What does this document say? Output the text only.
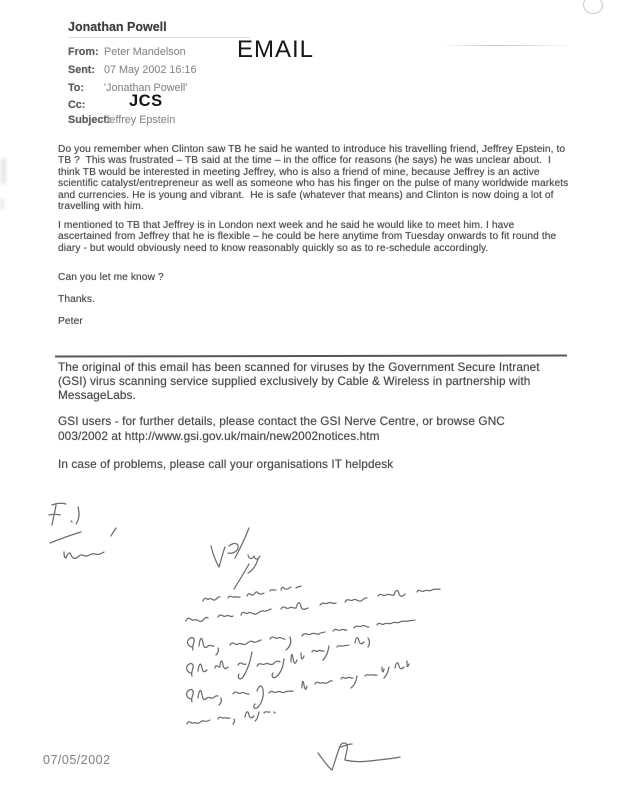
Jonathan Powell
From: Peter Mandelson
Sent: 07 May 2002 16:16
To: 'Jonathan Powell'
Cc:
Subject:Jeffrey Epstein
EMAIL
JCS
Do you remember when Clinton saw TB he said he wanted to introduce his travelling friend, Jeffrey Epstein, to
TB ?  This was frustrated – TB said at the time – in the office for reasons (he says) he was unclear about.  I
think TB would be interested in meeting Jeffrey, who is also a friend of mine, because Jeffrey is an active
scientific catalyst/entrepreneur as well as someone who has his finger on the pulse of many worldwide markets
and currencies. He is young and vibrant.  He is safe (whatever that means) and Clinton is now doing a lot of
travelling with him.
I mentioned to TB that Jeffrey is in London next week and he said he would like to meet him. I have
ascertained from Jeffrey that he is flexible – he could be here anytime from Tuesday onwards to fit round the
diary - but would obviously need to know reasonably quickly so as to re-schedule accordingly.
Can you let me know ?
Thanks.
Peter
The original of this email has been scanned for viruses by the Government Secure Intranet
(GSI) virus scanning service supplied exclusively by Cable & Wireless in partnership with
MessageLabs.
GSI users - for further details, please contact the GSI Nerve Centre, or browse GNC
003/2002 at http://www.gsi.gov.uk/main/new2002notices.htm
In case of problems, please call your organisations IT helpdesk
07/05/2002
